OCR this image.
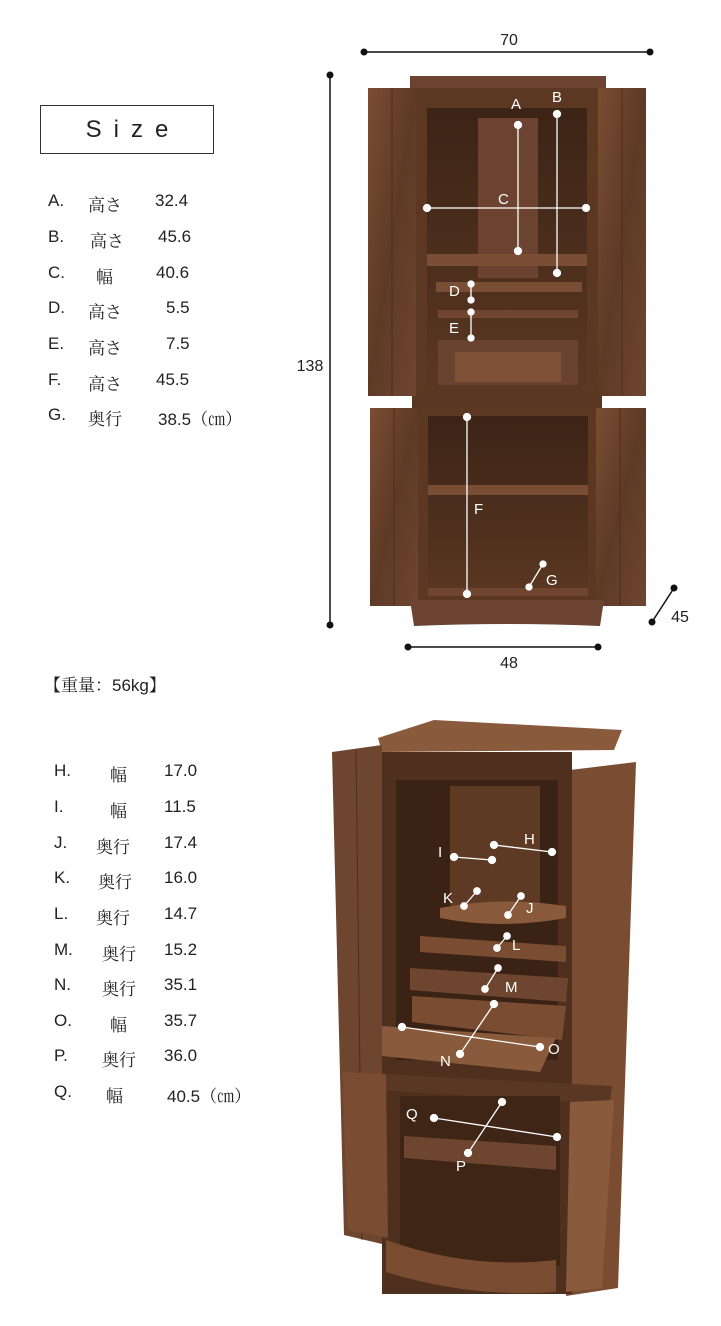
Size
A. 高さ 32.4
B. 高さ 45.6
C. 幅	40.6
D. 高さ	5.5
E. 高さ	7.5
F. 高さ 45.5
G. 奥行 38.5（㎝）
【重量：56kg】
H. 幅 17.0
I.	幅 11.5
J. 奥行 17.4
K. 奥行 16.0
L. 奥行 14.7
M. 奥行 15.2
N. 奥行 35.1
O. 幅 35.7
P. 奥行 36.0
Q. 幅	40.5（㎝）
70
138
48
45
A B
C
D
E
F
G
H
I
J
K
L
M
N
O
P
Q
